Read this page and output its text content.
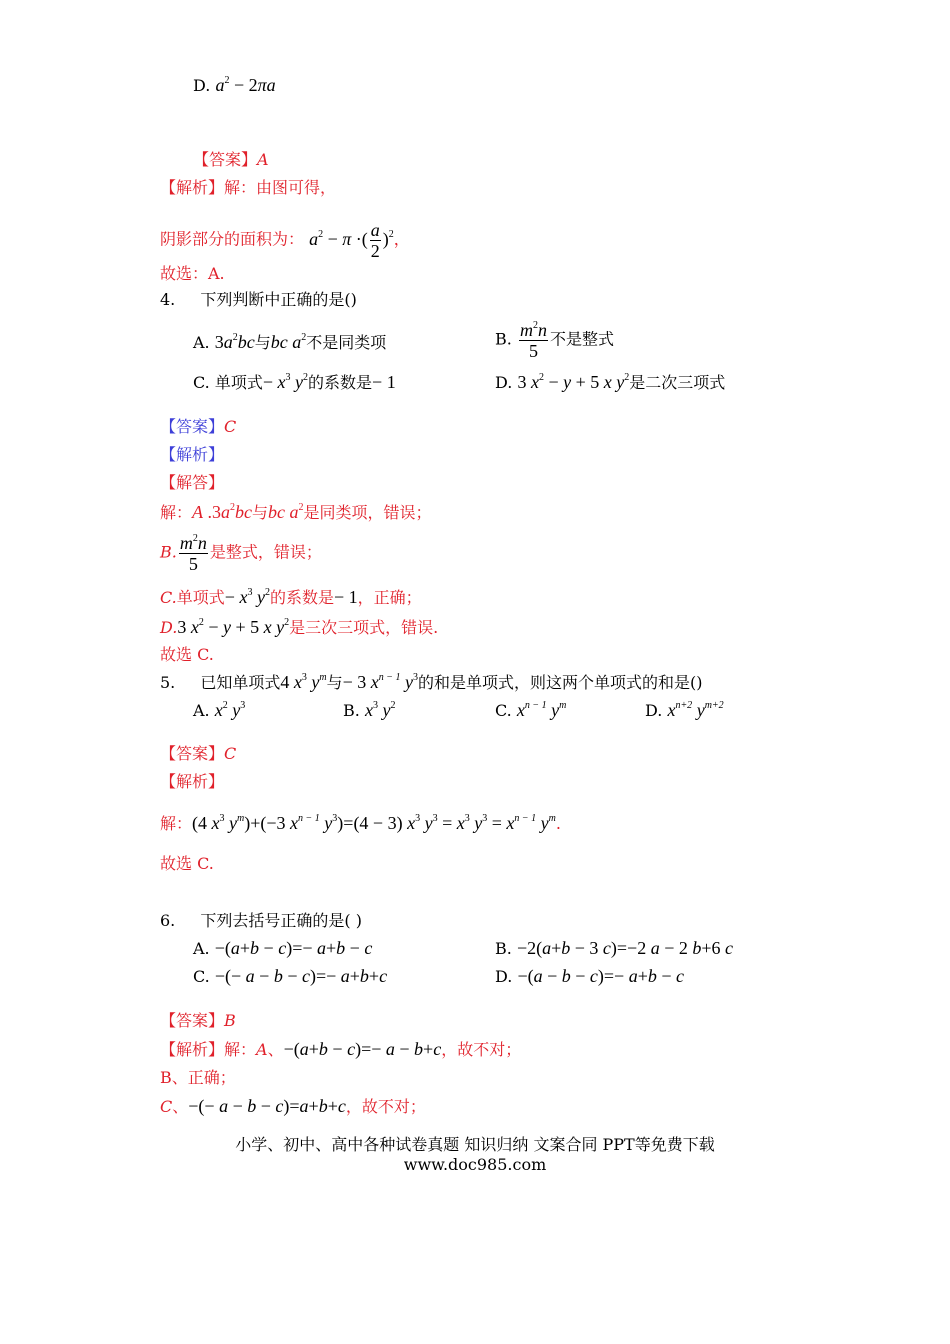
D. $a^2 - 2\pi a$
【答案】A
【解析】解：由图可得，
阴影部分的面积为： $a^2 - \pi$ ·( $\frac{a}{2} )^2$，
故选：A.
4. 下列判断中正确的是()
A. $3a^2bc$与bc $a^2$不是同类项	B. $\frac{m^2n}{5}$ 不是整式
C. 单项式− $x^3$ $y^2$的系数是− 1	D. 3 $x^2 - y + 5$ x $y^2$是二次三项式
【答案】C
【解析】
【解答】
解：A $.3a^2bc$与bc $a^2$是同类项，错误；
B. $\frac{m^2n}{5}$ 是整式，错误；
C.单项式− $x^3$ $y^2$的系数是− 1，正确；
D.3 $x^2 - y + 5$ x $y^2$是三次三项式，错误.
故选 C.
5. 已知单项式4 $x^3$ $y^m$与− 3 $x^{n - 1}$ $y^3$的和是单项式，则这两个单项式的和是()
A. $x^2$ $y^3$	B. $x^3$ $y^2$	C. $x^{n - 1}$ $y^m$	D. $x^{n+2}$ $y^{m+2}$
【答案】C
【解析】
解：(4 $x^3$ $y^m)+(-3$ $x^{n - 1}$ $y^3)=(4 - 3)$ $x^3$ $y^3 = x^3$ $y^3 = x^{n - 1}$ $y^m$.
故选 C.
6. 下列去括号正确的是( )
A. −(a+b − c)=− a+b − c	B. −2(a+b − 3 c)=−2 a − 2 b+6 c
C. −(− a − b − c)=− a+b+c	D. −(a − b − c)=− a+b − c
【答案】B
【解析】解：A、−(a+b − c)=− a − b+c，故不对；
B、正确；
C、−(− a − b − c)=a+b+c，故不对；
小学、初中、高中各种试卷真题 知识归纳 文案合同 PPT等免费下载
www.doc985.com
